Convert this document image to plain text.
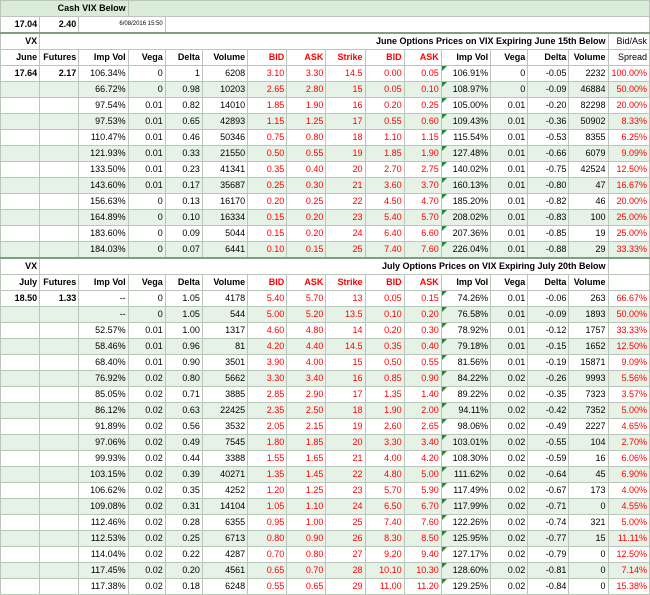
Cash VIX Below															
17.04	2.40	6/08/2016 15:50													
VX	June Options Prices on VIX Expiring June 15th Below														Bid/Ask
June	Futures	Imp Vol	Vega	Delta	Volume	BID	ASK	Strike	BID	ASK	Imp Vol	Vega	Delta	Volume	Spread
17.64	2.17	106.34%	0	1	6208	3.10	3.30	14.5	0.00	0.05	106.91%	0	-0.05	2232	100.00%
		66.72%	0	0.98	10203	2.65	2.80	15	0.05	0.10	108.97%	0	-0.09	46884	50.00%
		97.54%	0.01	0.82	14010	1.85	1.90	16	0.20	0.25	105.00%	0.01	-0.20	82298	20.00%
		97.53%	0.01	0.65	42893	1.15	1.25	17	0.55	0.60	109.43%	0.01	-0.36	50902	8.33%
		110.47%	0.01	0.46	50346	0.75	0.80	18	1.10	1.15	115.54%	0.01	-0.53	8355	6.25%
		121.93%	0.01	0.33	21550	0.50	0.55	19	1.85	1.90	127.48%	0.01	-0.66	6079	9.09%
		133.50%	0.01	0.23	41341	0.35	0.40	20	2.70	2.75	140.02%	0.01	-0.75	42524	12.50%
		143.60%	0.01	0.17	35687	0.25	0.30	21	3.60	3.70	160.13%	0.01	-0.80	47	16.67%
		156.63%	0	0.13	16170	0.20	0.25	22	4.50	4.70	185.20%	0.01	-0.82	46	20.00%
		164.89%	0	0.10	16334	0.15	0.20	23	5.40	5.70	208.02%	0.01	-0.83	100	25.00%
		183.60%	0	0.09	5044	0.15	0.20	24	6.40	6.60	207.36%	0.01	-0.85	19	25.00%
		184.03%	0	0.07	6441	0.10	0.15	25	7.40	7.60	226.04%	0.01	-0.88	29	33.33%
VX	July Options Prices on VIX Expiring July 20th Below														
July	Futures	Imp Vol	Vega	Delta	Volume	BID	ASK	Strike	BID	ASK	Imp Vol	Vega	Delta	Volume	
18.50	1.33	--	0	1.05	4178	5.40	5.70	13	0.05	0.15	74.26%	0.01	-0.06	263	66.67%
		--	0	1.05	544	5.00	5.20	13.5	0.10	0.20	76.58%	0.01	-0.09	1893	50.00%
		52.57%	0.01	1.00	1317	4.60	4.80	14	0.20	0.30	78.92%	0.01	-0.12	1757	33.33%
		58.46%	0.01	0.96	81	4.20	4.40	14.5	0.35	0.40	79.18%	0.01	-0.15	1652	12.50%
		68.40%	0.01	0.90	3501	3.90	4.00	15	0.50	0.55	81.56%	0.01	-0.19	15871	9.09%
		76.92%	0.02	0.80	5662	3.30	3.40	16	0.85	0.90	84.22%	0.02	-0.26	9993	5.56%
		85.05%	0.02	0.71	3885	2.85	2.90	17	1.35	1.40	89.22%	0.02	-0.35	7323	3.57%
		86.12%	0.02	0.63	22425	2.35	2.50	18	1.90	2.00	94.11%	0.02	-0.42	7352	5.00%
		91.89%	0.02	0.56	3532	2.05	2.15	19	2.60	2.65	98.06%	0.02	-0.49	2227	4.65%
		97.06%	0.02	0.49	7545	1.80	1.85	20	3.30	3.40	103.01%	0.02	-0.55	104	2.70%
		99.93%	0.02	0.44	3388	1.55	1.65	21	4.00	4.20	108.30%	0.02	-0.59	16	6.06%
		103.15%	0.02	0.39	40271	1.35	1.45	22	4.80	5.00	111.62%	0.02	-0.64	45	6.90%
		106.62%	0.02	0.35	4252	1.20	1.25	23	5.70	5.90	117.49%	0.02	-0.67	173	4.00%
		109.08%	0.02	0.31	14104	1.05	1.10	24	6.50	6.70	117.99%	0.02	-0.71	0	4.55%
		112.46%	0.02	0.28	6355	0.95	1.00	25	7.40	7.60	122.26%	0.02	-0.74	321	5.00%
		112.53%	0.02	0.25	6713	0.80	0.90	26	8.30	8.50	125.95%	0.02	-0.77	15	11.11%
		114.04%	0.02	0.22	4287	0.70	0.80	27	9.20	9.40	127.17%	0.02	-0.79	0	12.50%
		117.45%	0.02	0.20	4561	0.65	0.70	28	10.10	10.30	128.60%	0.02	-0.81	0	7.14%
		117.38%	0.02	0.18	6248	0.55	0.65	29	11.00	11.20	129.25%	0.02	-0.84	0	15.38%
